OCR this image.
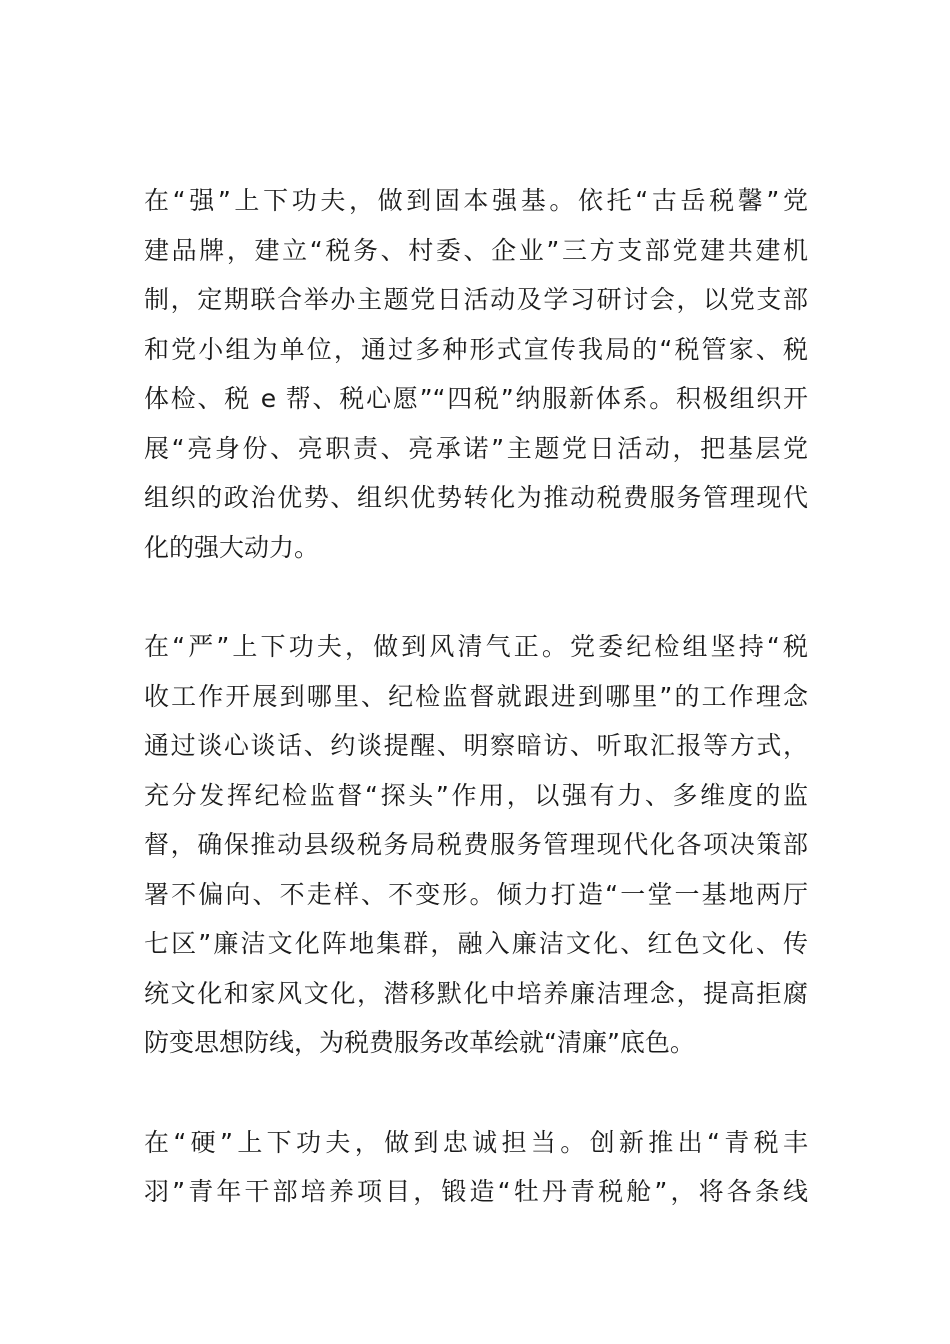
在“强”上下功夫，做到固本强基。依托“古岳税馨”党
建品牌，建立“税务、村委、企业”三方支部党建共建机
制，定期联合举办主题党日活动及学习研讨会，以党支部
和党小组为单位，通过多种形式宣传我局的“税管家、税
体检、税 e 帮、税心愿”“四税”纳服新体系。积极组织开
展“亮身份、亮职责、亮承诺”主题党日活动，把基层党
组织的政治优势、组织优势转化为推动税费服务管理现代
化的强大动力。
在“严”上下功夫，做到风清气正。党委纪检组坚持“税
收工作开展到哪里、纪检监督就跟进到哪里”的工作理念
通过谈心谈话、约谈提醒、明察暗访、听取汇报等方式，
充分发挥纪检监督“探头”作用，以强有力、多维度的监
督，确保推动县级税务局税费服务管理现代化各项决策部
署不偏向、不走样、不变形。倾力打造“一堂一基地两厅
七区”廉洁文化阵地集群，融入廉洁文化、红色文化、传
统文化和家风文化，潜移默化中培养廉洁理念，提高拒腐
防变思想防线，为税费服务改革绘就“清廉”底色。
在“硬”上下功夫，做到忠诚担当。创新推出“青税丰
羽”青年干部培养项目，锻造“牡丹青税舱”，将各条线
